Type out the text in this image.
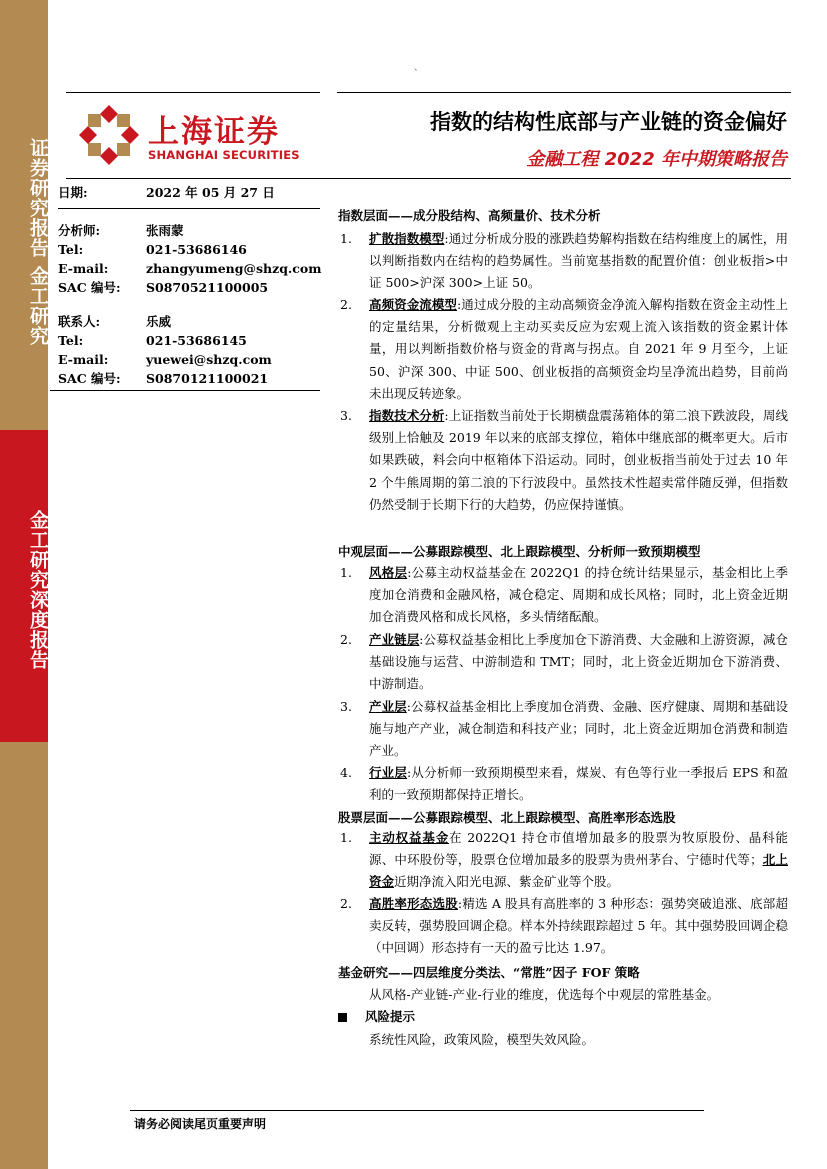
证券研究报告 金工研究
金工研究深度报告
、
上海证券
SHANGHAI SECURITIES
指数的结构性底部与产业链的资金偏好
金融工程 2022 年中期策略报告
日期:	2022 年 05 月 27 日
分析师:	张雨蒙
Tel:	021-53686146
E-mail:	zhangyumeng@shzq.com
SAC 编号: S0870521100005
联系人:	乐威
Tel:	021-53686145
E-mail:	yuewei@shzq.com
SAC 编号: S0870121100021
指数层面——成分股结构、高频量价、技术分析
1. 扩散指数模型:通过分析成分股的涨跌趋势解构指数在结构维度上的属性，用以判断指数内在结构的趋势属性。当前宽基指数的配置价值：创业板指>中证 500>沪深 300>上证 50。
2. 高频资金流模型:通过成分股的主动高频资金净流入解构指数在资金主动性上的定量结果，分析微观上主动买卖反应为宏观上流入该指数的资金累计体量，用以判断指数价格与资金的背离与拐点。自 2021 年 9 月至今，上证 50、沪深 300、中证 500、创业板指的高频资金均呈净流出趋势，目前尚未出现反转迹象。
3. 指数技术分析:上证指数当前处于长期横盘震荡箱体的第二浪下跌波段，周线级别上恰触及 2019 年以来的底部支撑位，箱体中继底部的概率更大。后市如果跌破，料会向中枢箱体下沿运动。同时，创业板指当前处于过去 10 年 2 个牛熊周期的第二浪的下行波段中。虽然技术性超卖常伴随反弹，但指数仍然受制于长期下行的大趋势，仍应保持谨慎。
中观层面——公募跟踪模型、北上跟踪模型、分析师一致预期模型
1. 风格层:公募主动权益基金在 2022Q1 的持仓统计结果显示，基金相比上季度加仓消费和金融风格，减仓稳定、周期和成长风格；同时，北上资金近期加仓消费风格和成长风格，多头情绪酝酿。
2. 产业链层:公募权益基金相比上季度加仓下游消费、大金融和上游资源，减仓基础设施与运营、中游制造和 TMT；同时，北上资金近期加仓下游消费、中游制造。
3. 产业层:公募权益基金相比上季度加仓消费、金融、医疗健康、周期和基础设施与地产产业，减仓制造和科技产业；同时，北上资金近期加仓消费和制造产业。
4. 行业层:从分析师一致预期模型来看，煤炭、有色等行业一季报后 EPS 和盈利的一致预期都保持正增长。
股票层面——公募跟踪模型、北上跟踪模型、高胜率形态选股
1. 主动权益基金在 2022Q1 持仓市值增加最多的股票为牧原股份、晶科能源、中环股份等，股票仓位增加最多的股票为贵州茅台、宁德时代等；北上资金近期净流入阳光电源、紫金矿业等个股。
2. 高胜率形态选股:精选 A 股具有高胜率的 3 种形态：强势突破追涨、底部超卖反转，强势股回调企稳。样本外持续跟踪超过 5 年。其中强势股回调企稳（中回调）形态持有一天的盈亏比达 1.97。
基金研究——四层维度分类法、“常胜”因子 FOF 策略
从风格-产业链-产业-行业的维度，优选每个中观层的常胜基金。
风险提示
系统性风险，政策风险，模型失效风险。
请务必阅读尾页重要声明
